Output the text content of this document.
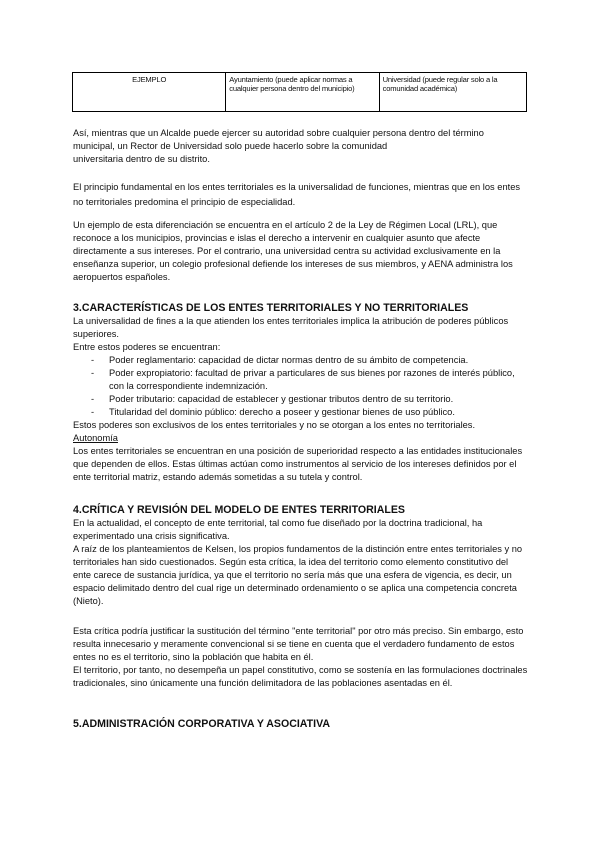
EJEMPLO	Ayuntamiento (puede aplicar normas a cualquier persona dentro del municipio)	Universidad (puede regular solo a la comunidad académica)

Así, mientras que un Alcalde puede ejercer su autoridad sobre cualquier persona dentro del término

municipal, un Rector de Universidad solo puede hacerlo sobre la comunidad

universitaria dentro de su distrito.

El principio fundamental en los entes territoriales es la universalidad de funciones, mientras que en los entes no territoriales predomina el principio de especialidad.
Un ejemplo de esta diferenciación se encuentra en el artículo 2 de la Ley de Régimen Local (LRL), que reconoce a los municipios, provincias e islas el derecho a intervenir en cualquier asunto que afecte directamente a sus intereses. Por el contrario, una universidad centra su actividad exclusivamente en la enseñanza superior, un colegio profesional defiende los intereses de sus miembros, y AENA administra los aeropuertos españoles.
3.CARACTERÍSTICAS DE LOS ENTES TERRITORIALES Y NO TERRITORIALES

La universalidad de fines a la que atienden los entes territoriales implica la atribución de poderes públicos superiores.

Entre estos poderes se encuentran:

- Poder reglamentario: capacidad de dictar normas dentro de su ámbito de competencia.
- Poder expropiatorio: facultad de privar a particulares de sus bienes por razones de interés público, con la correspondiente indemnización.
- Poder tributario: capacidad de establecer y gestionar tributos dentro de su territorio.
- Titularidad del dominio público: derecho a poseer y gestionar bienes de uso público.

Estos poderes son exclusivos de los entes territoriales y no se otorgan a los entes no territoriales.

Autonomía

Los entes territoriales se encuentran en una posición de superioridad respecto a las entidades institucionales que dependen de ellos. Estas últimas actúan como instrumentos al servicio de los intereses definidos por el ente territorial matriz, estando además sometidas a su tutela y control.

4.CRÍTICA Y REVISIÓN DEL MODELO DE ENTES TERRITORIALES

En la actualidad, el concepto de ente territorial, tal como fue diseñado por la doctrina tradicional, ha experimentado una crisis significativa.

A raíz de los planteamientos de Kelsen, los propios fundamentos de la distinción entre entes territoriales y no territoriales han sido cuestionados. Según esta crítica, la idea del territorio como elemento constitutivo del ente carece de sustancia jurídica, ya que el territorio no sería más que una esfera de vigencia, es decir, un espacio delimitado dentro del cual rige un determinado ordenamiento o se aplica una competencia concreta (Nieto).

Esta crítica podría justificar la sustitución del término "ente territorial" por otro más preciso. Sin embargo, esto resulta innecesario y meramente convencional si se tiene en cuenta que el verdadero fundamento de estos entes no es el territorio, sino la población que habita en él.

El territorio, por tanto, no desempeña un papel constitutivo, como se sostenía en las formulaciones doctrinales tradicionales, sino únicamente una función delimitadora de las poblaciones asentadas en él.

5.ADMINISTRACIÓN CORPORATIVA Y ASOCIATIVA
